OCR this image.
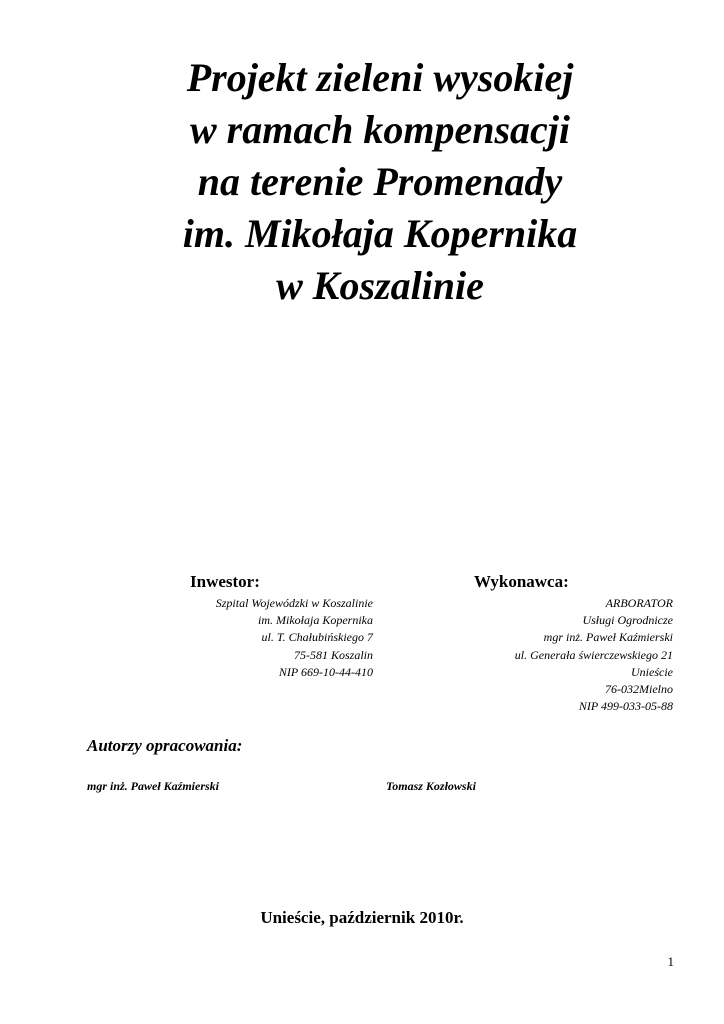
Projekt zieleni wysokiej
w ramach kompensacji
na terenie Promenady
im. Mikołaja Kopernika
w Koszalinie
Inwestor:
Szpital Wojewódzki w Koszalinie
im. Mikołaja Kopernika
ul. T. Chałubińskiego 7
75-581 Koszalin
NIP 669-10-44-410
Wykonawca:
ARBORATOR
Usługi Ogrodnicze
mgr inż. Paweł Kaźmierski
ul. Generała świerczewskiego 21
Unieście
76-032Mielno
NIP 499-033-05-88
Autorzy opracowania:
mgr inż. Paweł Kaźmierski	Tomasz Kozłowski
Unieście, październik 2010r.
1
